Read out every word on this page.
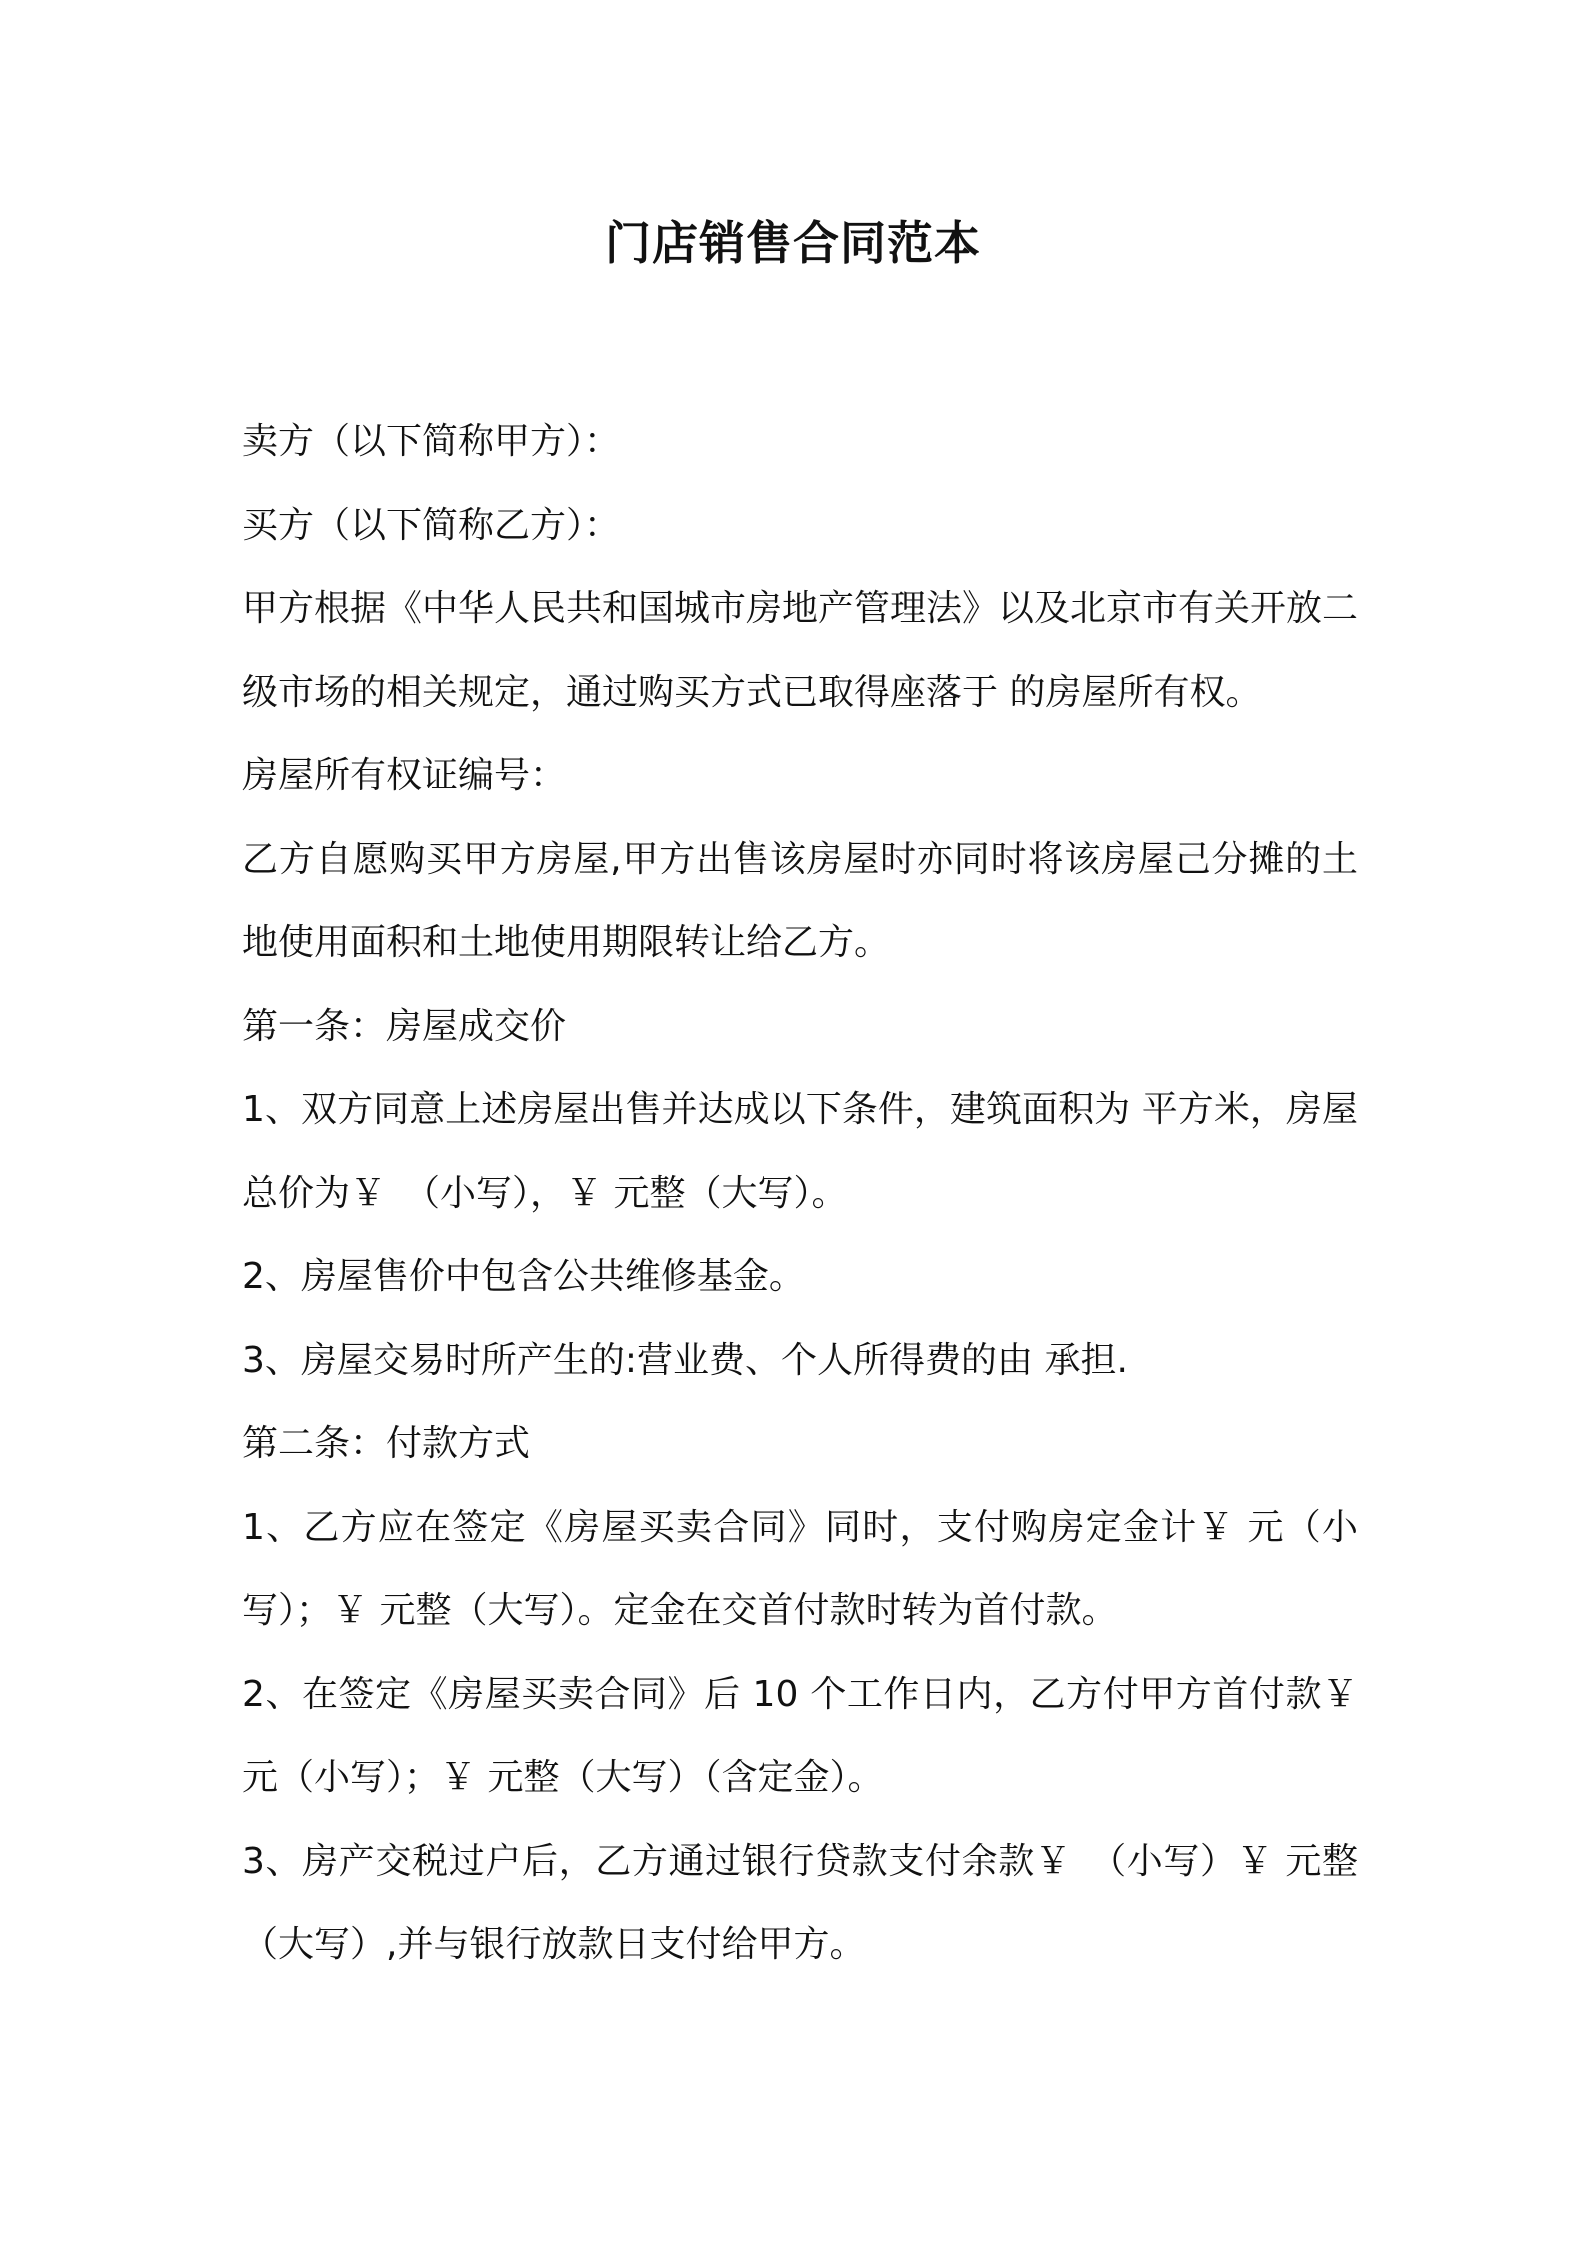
门店销售合同范本

卖方（以下简称甲方）：

买方（以下简称乙方）：

甲方根据《中华人民共和国城市房地产管理法》以及北京市有关开放二级市场的相关规定，通过购买方式已取得座落于 的房屋所有权。

房屋所有权证编号：

乙方自愿购买甲方房屋,甲方出售该房屋时亦同时将该房屋己分摊的土地使用面积和土地使用期限转让给乙方。

第一条：房屋成交价

1、双方同意上述房屋出售并达成以下条件，建筑面积为 平方米，房屋总价为￥　（小写），￥ 元整（大写）。

2、房屋售价中包含公共维修基金。

3、房屋交易时所产生的:营业费、个人所得费的由 承担.

第二条：付款方式

1、乙方应在签定《房屋买卖合同》同时，支付购房定金计￥ 元（小写）；￥ 元整（大写）。定金在交首付款时转为首付款。

2、在签定《房屋买卖合同》后 10 个工作日内，乙方付甲方首付款￥ 元（小写）；￥ 元整（大写）（含定金）。

3、房产交税过户后，乙方通过银行贷款支付余款￥　（小写）￥ 元整（大写）,并与银行放款日支付给甲方。
